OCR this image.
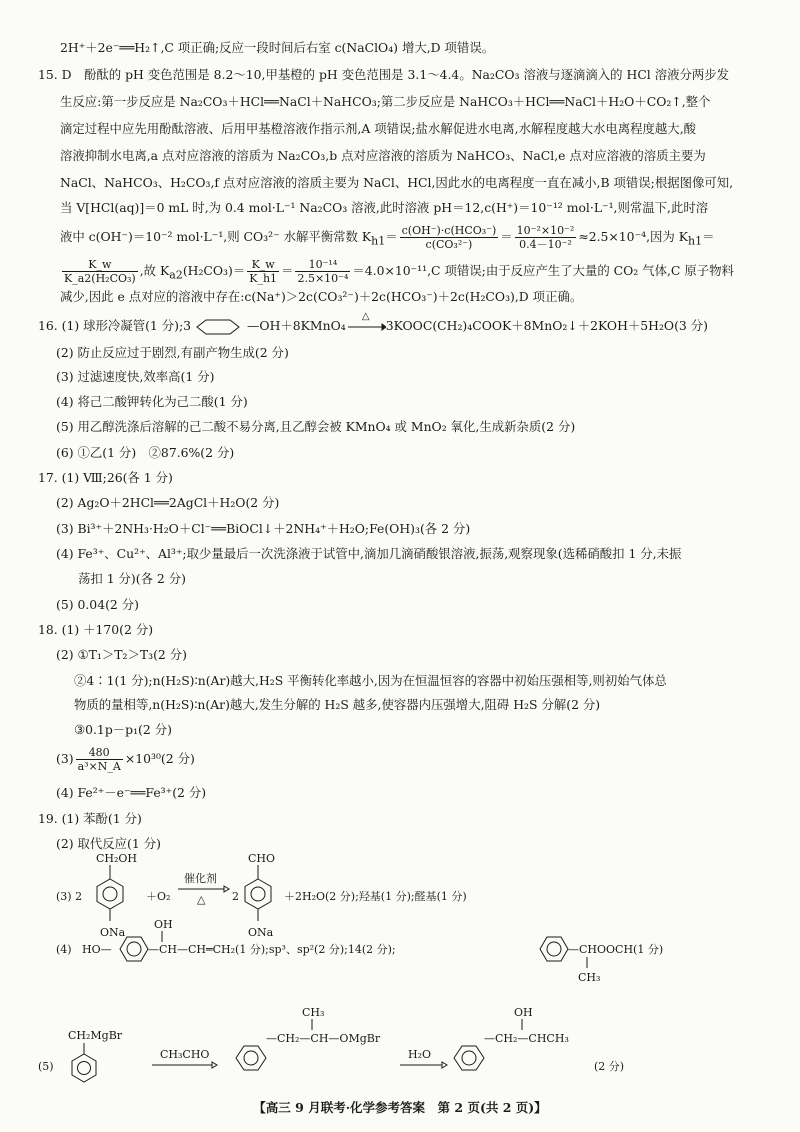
2H⁺＋2e⁻══H₂↑,C 项正确;反应一段时间后右室 c(NaClO₄) 增大,D 项错误。
15. D　酚酞的 pH 变色范围是 8.2～10,甲基橙的 pH 变色范围是 3.1～4.4。Na₂CO₃ 溶液与逐滴滴入的 HCl 溶液分两步发
生反应:第一步反应是 Na₂CO₃＋HCl══NaCl＋NaHCO₃;第二步反应是 NaHCO₃＋HCl══NaCl＋H₂O＋CO₂↑,整个
滴定过程中应先用酚酞溶液、后用甲基橙溶液作指示剂,A 项错误;盐水解促进水电离,水解程度越大水电离程度越大,酸
溶液抑制水电离,a 点对应溶液的溶质为 Na₂CO₃,b 点对应溶液的溶质为 NaHCO₃、NaCl,e 点对应溶液的溶质主要为
NaCl、NaHCO₃、H₂CO₃,f 点对应溶液的溶质主要为 NaCl、HCl,因此水的电离程度一直在减小,B 项错误;根据图像可知,
当 V[HCl(aq)]＝0 mL 时,为 0.4 mol·L⁻¹ Na₂CO₃ 溶液,此时溶液 pH＝12,c(H⁺)＝10⁻¹² mol·L⁻¹,则常温下,此时溶
液中 c(OH⁻)＝10⁻² mol·L⁻¹,则 CO₃²⁻ 水解平衡常数 $K_{h1}= \frac{\text{c(OH⁻)·c(HCO₃⁻)}}{\text{c(CO₃²⁻)}} = \frac{\text{10⁻²×10⁻²}}{\text{0.4－10⁻²}} \approx 2.5\times 10^{-4}$,因为 $K_{h1}=$
$\frac{K\_w}{\text{K\_a2(H₂CO₃)}}$ ,故 $K_{a2}(H_2CO_3)= \frac{K\_w}{K\_h1} = \frac{\text{10⁻¹⁴}}{\text{2.5×10⁻⁴}} =4.0\times 10^{-11},C$ 项错误;由于反应产生了大量的 CO₂ 气体,C 原子物料
减少,因此 e 点对应的溶液中存在:c(Na⁺)＞2c(CO₃²⁻)＋2c(HCO₃⁻)＋2c(H₂CO₃),D 项正确。
16. (1) 球形冷凝管(1 分);3	—OH＋8KMnO₄
△
3KOOC(CH₂)₄COOK＋8MnO₂↓＋2KOH＋5H₂O(3 分)
(2) 防止反应过于剧烈,有副产物生成(2 分)
(3) 过滤速度快,效率高(1 分)
(4) 将己二酸钾转化为己二酸(1 分)
(5) 用乙醇洗涤后溶解的己二酸不易分离,且乙醇会被 KMnO₄ 或 MnO₂ 氧化,生成新杂质(2 分)
(6) ①乙(1 分)　②87.6%(2 分)
17. (1) Ⅷ;26(各 1 分)
(2) Ag₂O＋2HCl══2AgCl＋H₂O(2 分)
(3) Bi³⁺＋2NH₃·H₂O＋Cl⁻══BiOCl↓＋2NH₄⁺＋H₂O;Fe(OH)₃(各 2 分)
(4) Fe³⁺、Cu²⁺、Al³⁺;取少量最后一次洗涤液于试管中,滴加几滴硝酸银溶液,振荡,观察现象(选稀硝酸扣 1 分,未振
荡扣 1 分)(各 2 分)
(5) 0.04(2 分)
18. (1) ＋170(2 分)
(2) ①T₁＞T₂＞T₃(2 分)
②4∶1(1 分);n(H₂S)∶n(Ar)越大,H₂S 平衡转化率越小,因为在恒温恒容的容器中初始压强相等,则初始气体总
物质的量相等,n(H₂S)∶n(Ar)越大,发生分解的 H₂S 越多,使容器内压强增大,阻碍 H₂S 分解(2 分)
③0.1p－p₁(2 分)
$(3) \frac{480}{\text{a³×N\_A}} \times 10^{30}(2$ 分)
(4) Fe²⁺－e⁻══Fe³⁺(2 分)
19. (1) 苯酚(1 分)
(2) 取代反应(1 分)
(3) 2
CH₂OH
ONa
＋O₂
催化剂
△ 2
CHO
ONa
＋2H₂O(2 分);羟基(1 分);醛基(1 分)
(4) HO—
OH
—CH—CH═CH₂(1 分);sp³、sp²(2 分);14(2 分);	—CHOOCH(1 分)
CH₃
(5)
CH₂MgBr
CH₃CHO
CH₃
—CH₂—CH—OMgBr
H₂O
OH
—CH₂—CHCH₃
(2 分)
【高三 9 月联考·化学参考答案　第 2 页(共 2 页)】
